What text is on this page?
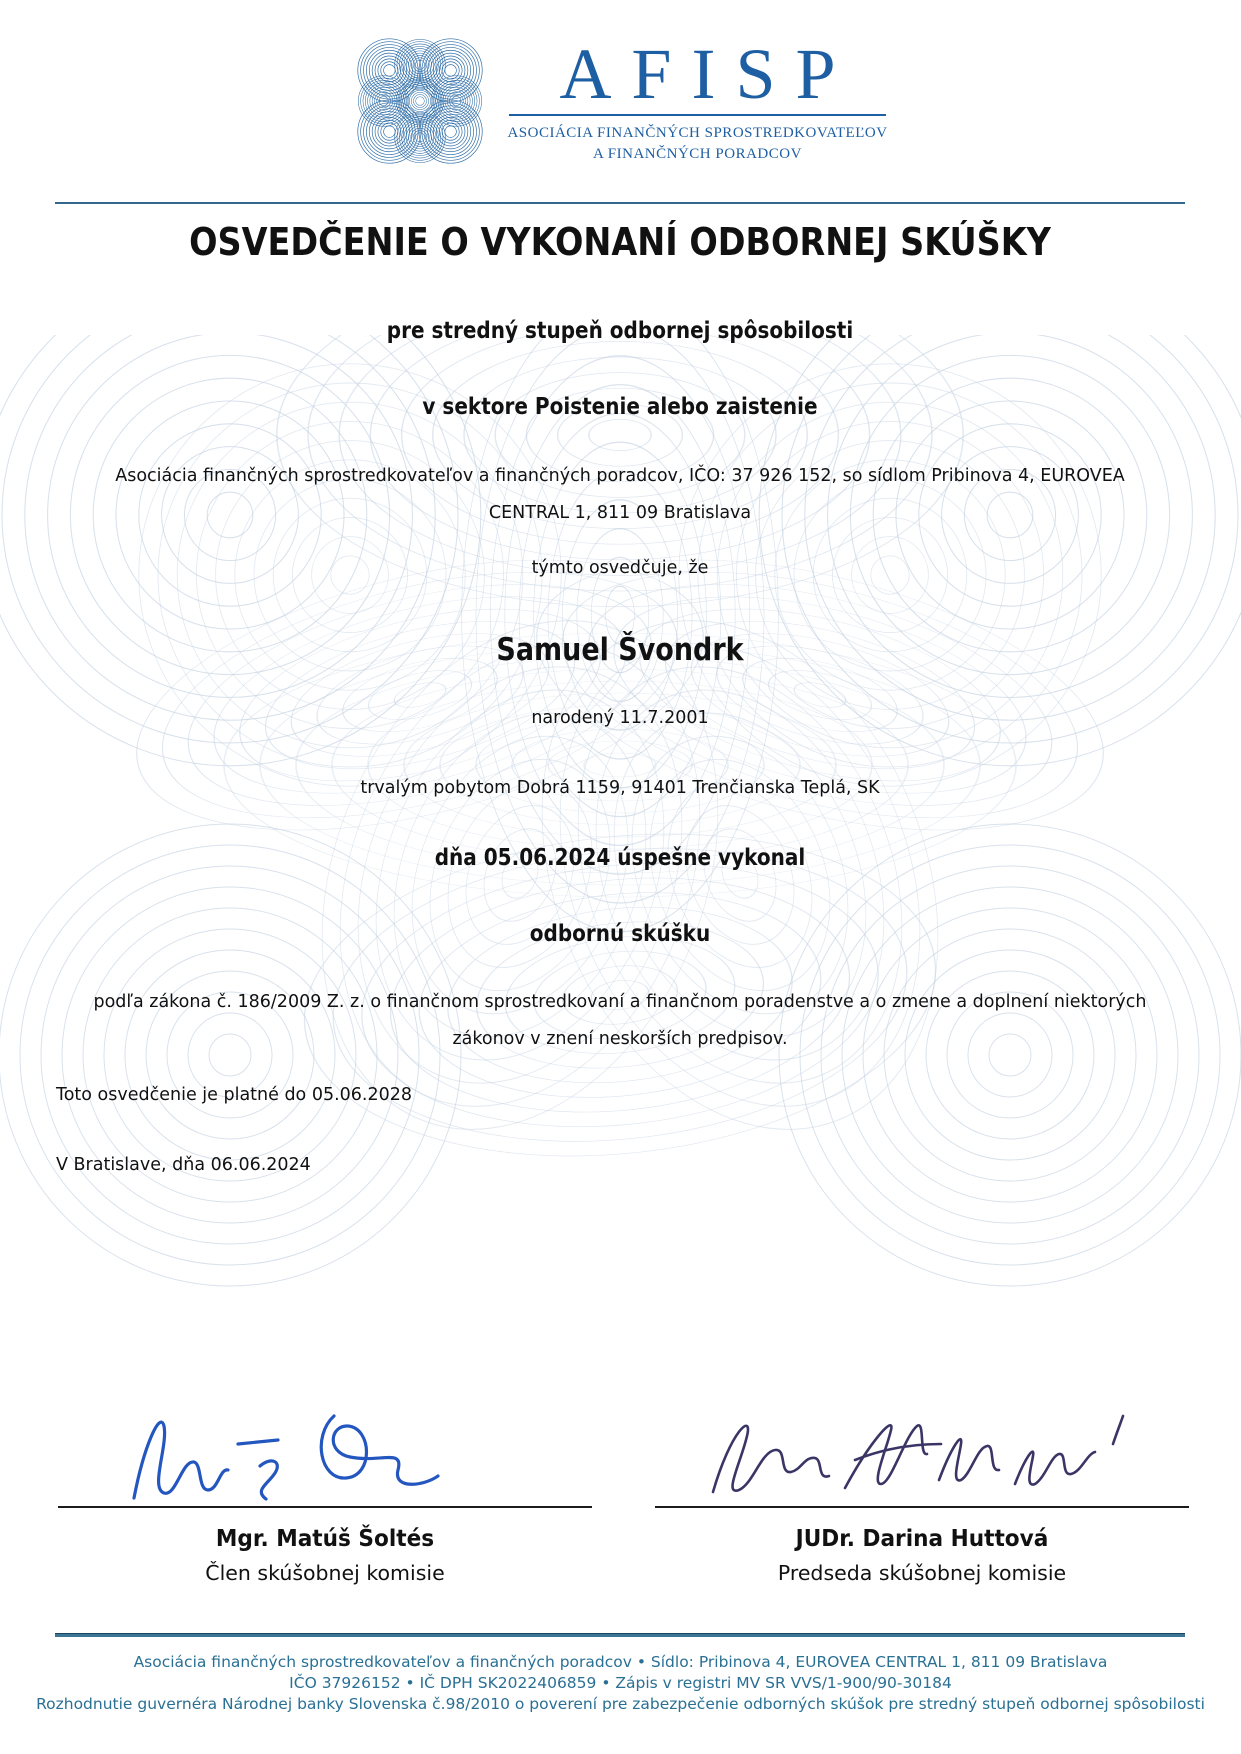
AFISP
ASOCIÁCIA FINANČNÝCH SPROSTREDKOVATEĽOV
A FINANČNÝCH PORADCOV
OSVEDČENIE O VYKONANÍ ODBORNEJ SKÚŠKY
pre stredný stupeň odbornej spôsobilosti
v sektore Poistenie alebo zaistenie
Asociácia finančných sprostredkovateľov a finančných poradcov, IČO: 37 926 152, so sídlom Pribinova 4, EUROVEA CENTRAL 1, 811 09 Bratislava
týmto osvedčuje, že
Samuel Švondrk
narodený 11.7.2001
trvalým pobytom Dobrá 1159, 91401 Trenčianska Teplá, SK
dňa 05.06.2024 úspešne vykonal
odbornú skúšku
podľa zákona č. 186/2009 Z. z. o finančnom sprostredkovaní a finančnom poradenstve a o zmene a doplnení niektorých zákonov v znení neskorších predpisov.
Toto osvedčenie je platné do 05.06.2028
V Bratislave, dňa 06.06.2024
Mgr. Matúš Šoltés
Člen skúšobnej komisie
JUDr. Darina Huttová
Predseda skúšobnej komisie
Asociácia finančných sprostredkovateľov a finančných poradcov • Sídlo: Pribinova 4, EUROVEA CENTRAL 1, 811 09 Bratislava
IČO 37926152 • IČ DPH SK2022406859 • Zápis v registri MV SR VVS/1-900/90-30184
Rozhodnutie guvernéra Národnej banky Slovenska č.98/2010 o poverení pre zabezpečenie odborných skúšok pre stredný stupeň odbornej spôsobilosti
